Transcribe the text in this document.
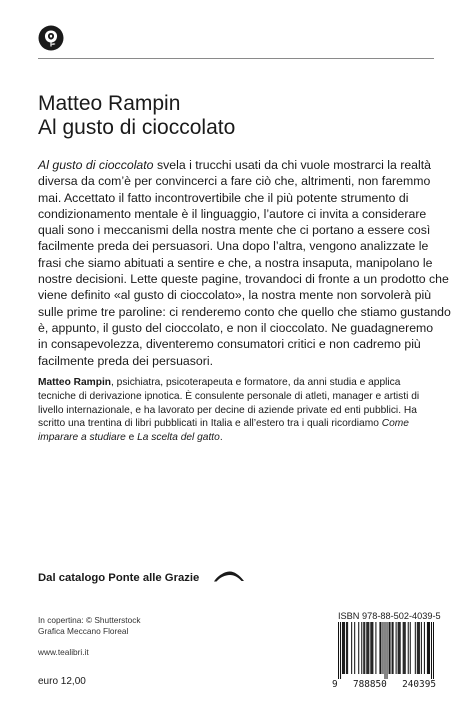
Matteo Rampin
Al gusto di cioccolato
Al gusto di cioccolato svela i trucchi usati da chi vuole mostrarci la realtà
diversa da com’è per convincerci a fare ciò che, altrimenti, non faremmo
mai. Accettato il fatto incontrovertibile che il più potente strumento di
condizionamento mentale è il linguaggio, l’autore ci invita a considerare
quali sono i meccanismi della nostra mente che ci portano a essere così
facilmente preda dei persuasori. Una dopo l’altra, vengono analizzate le
frasi che siamo abituati a sentire e che, a nostra insaputa, manipolano le
nostre decisioni. Lette queste pagine, trovandoci di fronte a un prodotto che
viene definito «al gusto di cioccolato», la nostra mente non sorvolerà più
sulle prime tre paroline: ci renderemo conto che quello che stiamo gustando
è, appunto, il gusto del cioccolato, e non il cioccolato. Ne guadagneremo
in consapevolezza, diventeremo consumatori critici e non cadremo più
facilmente preda dei persuasori.
Matteo Rampin, psichiatra, psicoterapeuta e formatore, da anni studia e applica
tecniche di derivazione ipnotica. È consulente personale di atleti, manager e artisti di
livello internazionale, e ha lavorato per decine di aziende private ed enti pubblici. Ha
scritto una trentina di libri pubblicati in Italia e all’estero tra i quali ricordiamo Come
imparare a studiare e La scelta del gatto.
Dal catalogo Ponte alle Grazie
In copertina: © Shutterstock
Grafica Meccano Floreal
www.tealibri.it
euro 12,00
ISBN 978-88-502-4039-5
9 788850 240395
